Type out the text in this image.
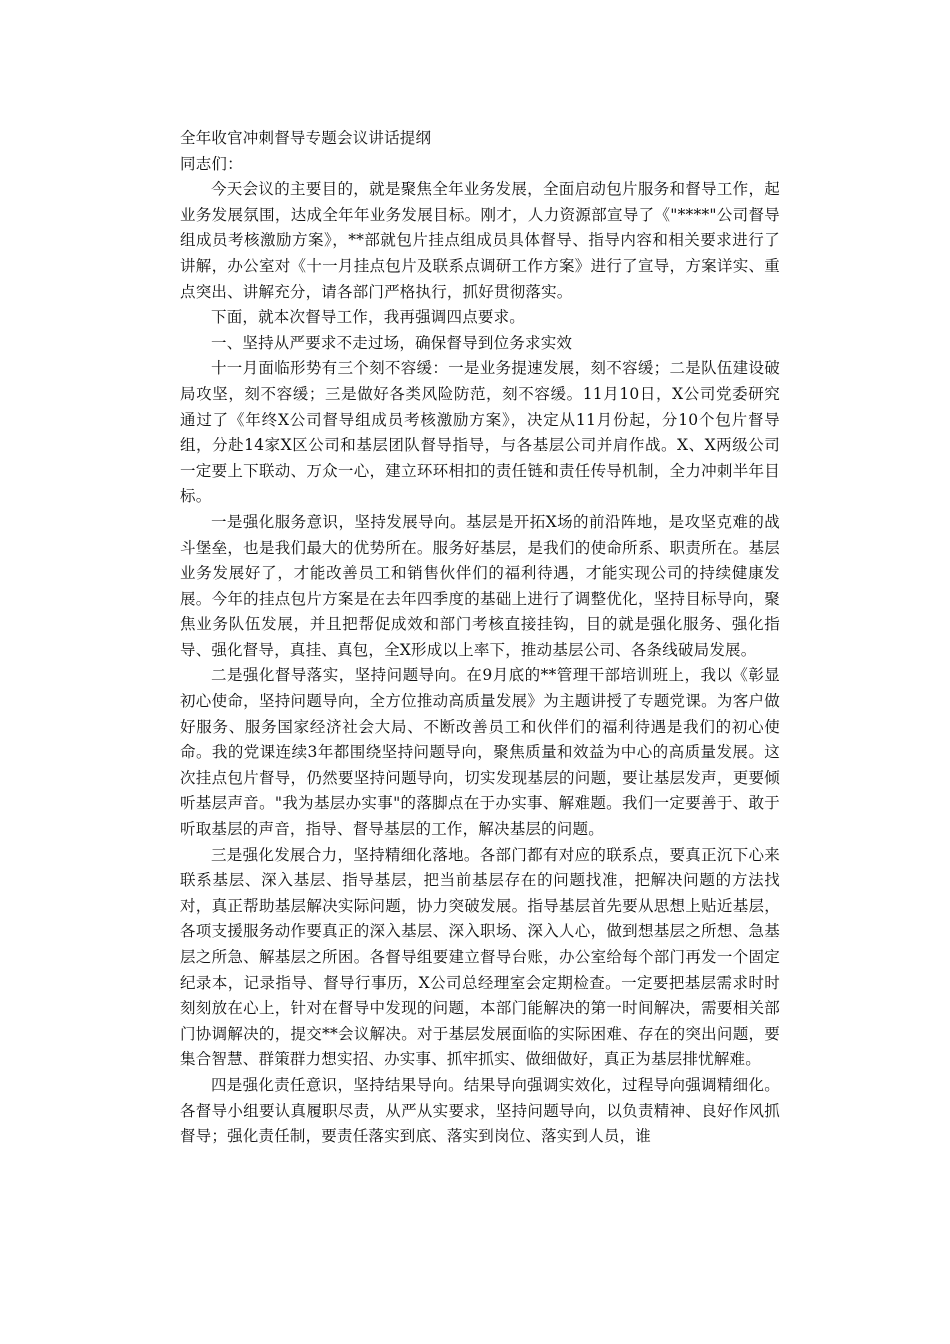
全年收官冲刺督导专题会议讲话提纲

同志们：

今天会议的主要目的，就是聚焦全年业务发展，全面启动包片服务和督导工作，起业务发展氛围，达成全年年业务发展目标。刚才，人力资源部宣导了《"****"公司督导组成员考核激励方案》，**部就包片挂点组成员具体督导、指导内容和相关要求进行了讲解，办公室对《十一月挂点包片及联系点调研工作方案》进行了宣导，方案详实、重点突出、讲解充分，请各部门严格执行，抓好贯彻落实。

下面，就本次督导工作，我再强调四点要求。

一、坚持从严要求不走过场，确保督导到位务求实效

十一月面临形势有三个刻不容缓：一是业务提速发展，刻不容缓；二是队伍建设破局攻坚，刻不容缓；三是做好各类风险防范，刻不容缓。11月10日，X公司党委研究通过了《年终X公司督导组成员考核激励方案》，决定从11月份起，分10个包片督导组，分赴14家X区公司和基层团队督导指导，与各基层公司并肩作战。X、X两级公司一定要上下联动、万众一心，建立环环相扣的责任链和责任传导机制，全力冲刺半年目标。

一是强化服务意识，坚持发展导向。基层是开拓X场的前沿阵地，是攻坚克难的战斗堡垒，也是我们最大的优势所在。服务好基层，是我们的使命所系、职责所在。基层业务发展好了，才能改善员工和销售伙伴们的福利待遇，才能实现公司的持续健康发展。今年的挂点包片方案是在去年四季度的基础上进行了调整优化，坚持目标导向，聚焦业务队伍发展，并且把帮促成效和部门考核直接挂钩，目的就是强化服务、强化指导、强化督导，真挂、真包，全X形成以上率下，推动基层公司、各条线破局发展。

二是强化督导落实，坚持问题导向。在9月底的**管理干部培训班上，我以《彰显初心使命，坚持问题导向，全方位推动高质量发展》为主题讲授了专题党课。为客户做好服务、服务国家经济社会大局、不断改善员工和伙伴们的福利待遇是我们的初心使命。我的党课连续3年都围绕坚持问题导向，聚焦质量和效益为中心的高质量发展。这次挂点包片督导，仍然要坚持问题导向，切实发现基层的问题，要让基层发声，更要倾听基层声音。"我为基层办实事"的落脚点在于办实事、解难题。我们一定要善于、敢于听取基层的声音，指导、督导基层的工作，解决基层的问题。

三是强化发展合力，坚持精细化落地。各部门都有对应的联系点，要真正沉下心来联系基层、深入基层、指导基层，把当前基层存在的问题找准，把解决问题的方法找对，真正帮助基层解决实际问题，协力突破发展。指导基层首先要从思想上贴近基层，各项支援服务动作要真正的深入基层、深入职场、深入人心，做到想基层之所想、急基层之所急、解基层之所困。各督导组要建立督导台账，办公室给每个部门再发一个固定纪录本，记录指导、督导行事历，X公司总经理室会定期检查。一定要把基层需求时时刻刻放在心上，针对在督导中发现的问题，本部门能解决的第一时间解决，需要相关部门协调解决的，提交**会议解决。对于基层发展面临的实际困难、存在的突出问题，要集合智慧、群策群力想实招、办实事、抓牢抓实、做细做好，真正为基层排忧解难。

四是强化责任意识，坚持结果导向。结果导向强调实效化，过程导向强调精细化。各督导小组要认真履职尽责，从严从实要求，坚持问题导向，以负责精神、良好作风抓督导；强化责任制，要责任落实到底、落实到岗位、落实到人员，谁
